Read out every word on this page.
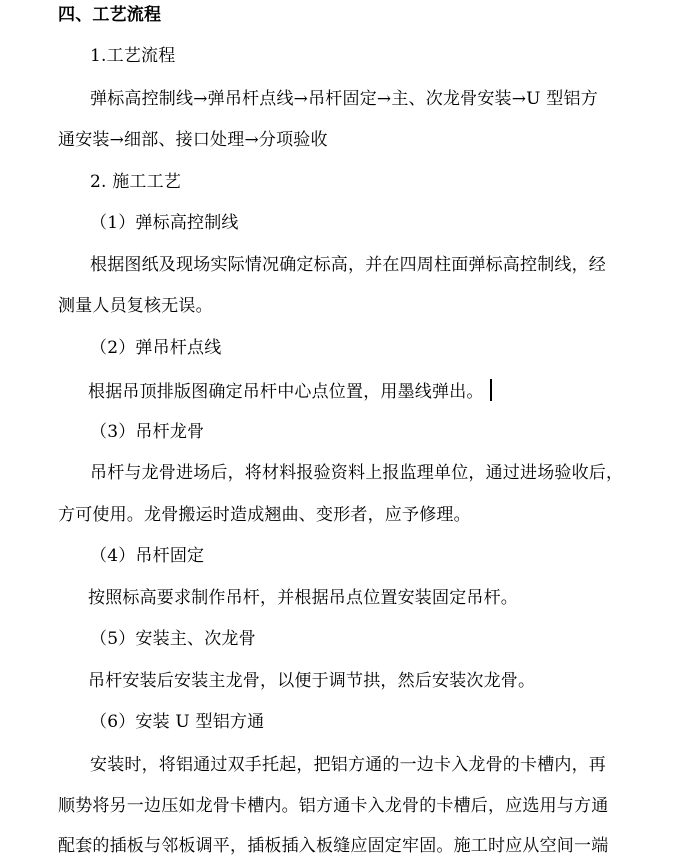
四、工艺流程
1.工艺流程
弹标高控制线→弹吊杆点线→吊杆固定→主、次龙骨安装→U 型铝方
通安装→细部、接口处理→分项验收
2. 施工工艺
（1）弹标高控制线
根据图纸及现场实际情况确定标高，并在四周柱面弹标高控制线，经
测量人员复核无误。
（2）弹吊杆点线
根据吊顶排版图确定吊杆中心点位置，用墨线弹出。
（3）吊杆龙骨
吊杆与龙骨进场后，将材料报验资料上报监理单位，通过进场验收后，
方可使用。龙骨搬运时造成翘曲、变形者，应予修理。
（4）吊杆固定
按照标高要求制作吊杆，并根据吊点位置安装固定吊杆。
（5）安装主、次龙骨
吊杆安装后安装主龙骨，以便于调节拱，然后安装次龙骨。
（6）安装 U 型铝方通
安装时，将铝通过双手托起，把铝方通的一边卡入龙骨的卡槽内，再
顺势将另一边压如龙骨卡槽内。铝方通卡入龙骨的卡槽后，应选用与方通
配套的插板与邻板调平，插板插入板缝应固定牢固。施工时应从空间一端
